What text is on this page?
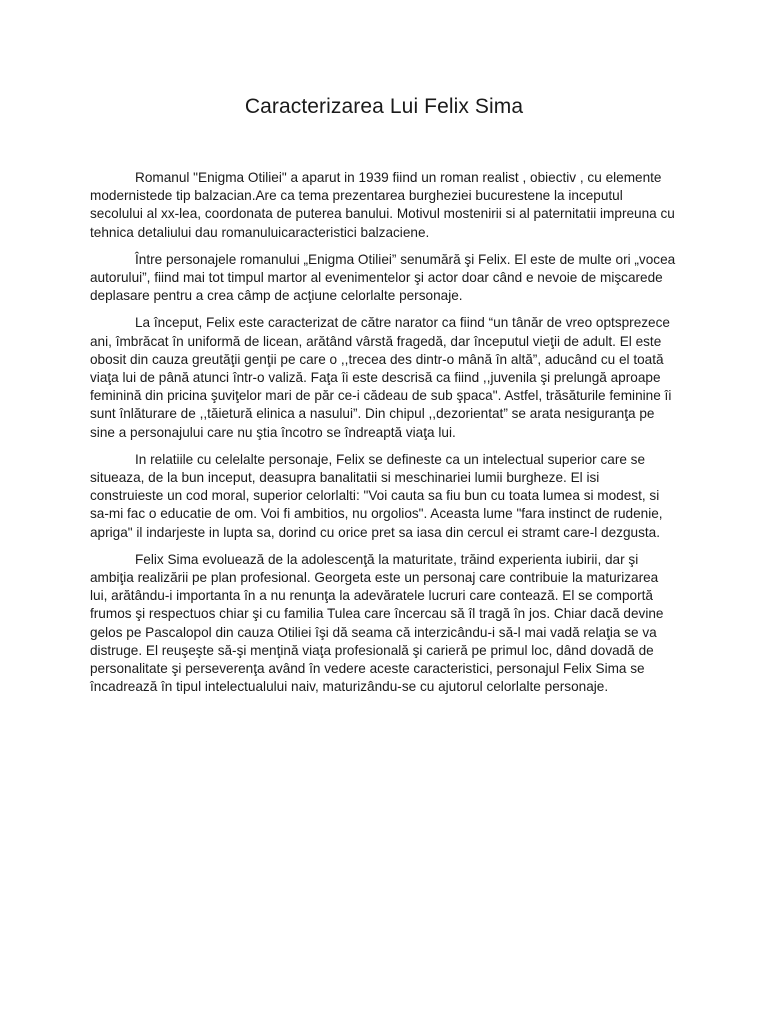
Caracterizarea Lui Felix Sima

Romanul "Enigma Otiliei" a aparut in 1939 fiind un roman realist , obiectiv , cu elemente modernistede tip balzacian.Are ca tema prezentarea burgheziei bucurestene la inceputul secolului al xx-lea, coordonata de puterea banului. Motivul mostenirii si al paternitatii impreuna cu tehnica detaliului dau romanuluicaracteristici balzaciene.

Între personajele romanului „Enigma Otiliei” senumără şi Felix. El este de multe ori „vocea autorului”, fiind mai tot timpul martor al evenimentelor şi actor doar când e nevoie de mişcarede deplasare pentru a crea câmp de acţiune celorlalte personaje.

La început, Felix este caracterizat de către narator ca fiind “un tânăr de vreo optsprezece ani, îmbrăcat în uniformă de licean, arătând vârstă fragedă, dar începutul vieţii de adult. El este obosit din cauza greutăţii genţii pe care o ,,trecea des dintr-o mână în altă”, aducând cu el toată viaţa lui de până atunci într-o valiză. Faţa îi este descrisă ca fiind ,,juvenila şi prelungă aproape feminină din pricina şuviţelor mari de păr ce-i cădeau de sub şpaca". Astfel, trăsăturile feminine îi sunt înlăturare de ,,tăietură elinica a nasului”. Din chipul ,,dezorientat” se arata nesiguranţa pe sine a personajului care nu ştia încotro se îndreaptă viaţa lui.

In relatiile cu celelalte personaje, Felix se defineste ca un intelectual superior care se situeaza, de la bun inceput, deasupra banalitatii si meschinariei lumii burgheze. El isi construieste un cod moral, superior celorlalti: "Voi cauta sa fiu bun cu toata lumea si modest, si sa-mi fac o educatie de om. Voi fi ambitios, nu orgolios". Aceasta lume "fara instinct de rudenie, apriga" il indarjeste in lupta sa, dorind cu orice pret sa iasa din cercul ei stramt care-l dezgusta.

Felix Sima evoluează de la adolescenţă la maturitate, trăind experienta iubirii, dar şi ambiţia realizării pe plan profesional. Georgeta este un personaj care contribuie la maturizarea lui, arătându-i importanta în a nu renunţa la adevăratele lucruri care contează. El se comportă frumos şi respectuos chiar şi cu familia Tulea care încercau să îl tragă în jos. Chiar dacă devine gelos pe Pascalopol din cauza Otiliei îşi dă seama că interzicându-i să-l mai vadă relaţia se va distruge. El reuşeşte să-şi menţină viaţa profesională şi carieră pe primul loc, dând dovadă de personalitate şi perseverenţa având în vedere aceste caracteristici, personajul Felix Sima se încadrează în tipul intelectualului naiv, maturizându-se cu ajutorul celorlalte personaje.
